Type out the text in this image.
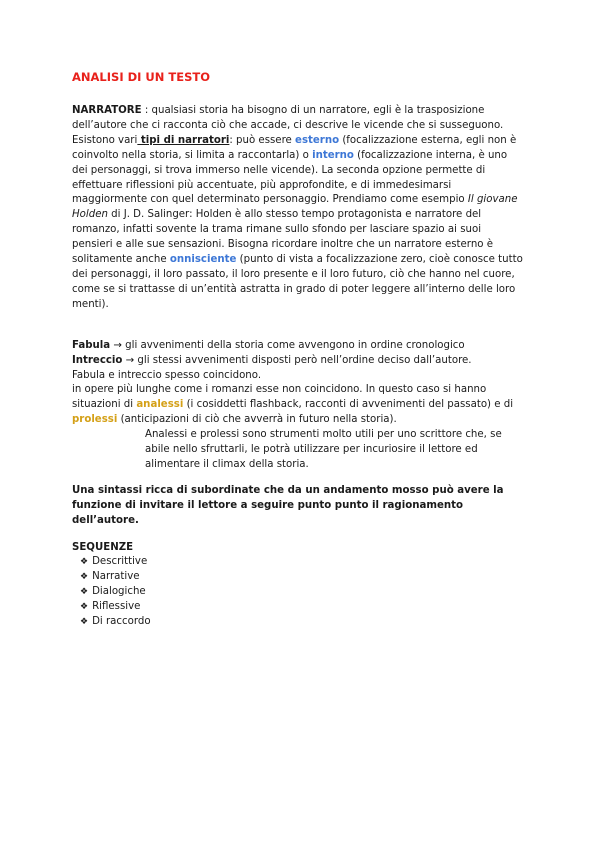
ANALISI DI UN TESTO

NARRATORE : qualsiasi storia ha bisogno di un narratore, egli è la trasposizione dell’autore che ci racconta ciò che accade, ci descrive le vicende che si susseguono.
Esistono vari tipi di narratori: può essere esterno (focalizzazione esterna, egli non è coinvolto nella storia, si limita a raccontarla) o interno (focalizzazione interna, è uno dei personaggi, si trova immerso nelle vicende). La seconda opzione permette di effettuare riflessioni più accentuate, più approfondite, e di immedesimarsi maggiormente con quel determinato personaggio. Prendiamo come esempio Il giovane Holden di J. D. Salinger: Holden è allo stesso tempo protagonista e narratore del romanzo, infatti sovente la trama rimane sullo sfondo per lasciare spazio ai suoi pensieri e alle sue sensazioni. Bisogna ricordare inoltre che un narratore esterno è solitamente anche onnisciente (punto di vista a focalizzazione zero, cioè conosce tutto dei personaggi, il loro passato, il loro presente e il loro futuro, ciò che hanno nel cuore, come se si trattasse di un’entità astratta in grado di poter leggere all’interno delle loro menti).

Fabula → gli avvenimenti della storia come avvengono in ordine cronologico
Intreccio → gli stessi avvenimenti disposti però nell’ordine deciso dall’autore.
Fabula e intreccio spesso coincidono.
in opere più lunghe come i romanzi esse non coincidono. In questo caso si hanno situazioni di analessi (i cosiddetti flashback, racconti di avvenimenti del passato) e di prolessi (anticipazioni di ciò che avverrà in futuro nella storia).

Analessi e prolessi sono strumenti molto utili per uno scrittore che, se abile nello sfruttarli, le potrà utilizzare per incuriosire il lettore ed alimentare il climax della storia.

Una sintassi ricca di subordinate che da un andamento mosso può avere la funzione di invitare il lettore a seguire punto punto il ragionamento dell’autore.

SEQUENZE

❖ Descrittive
❖ Narrative
❖ Dialogiche
❖ Riflessive
❖ Di raccordo
